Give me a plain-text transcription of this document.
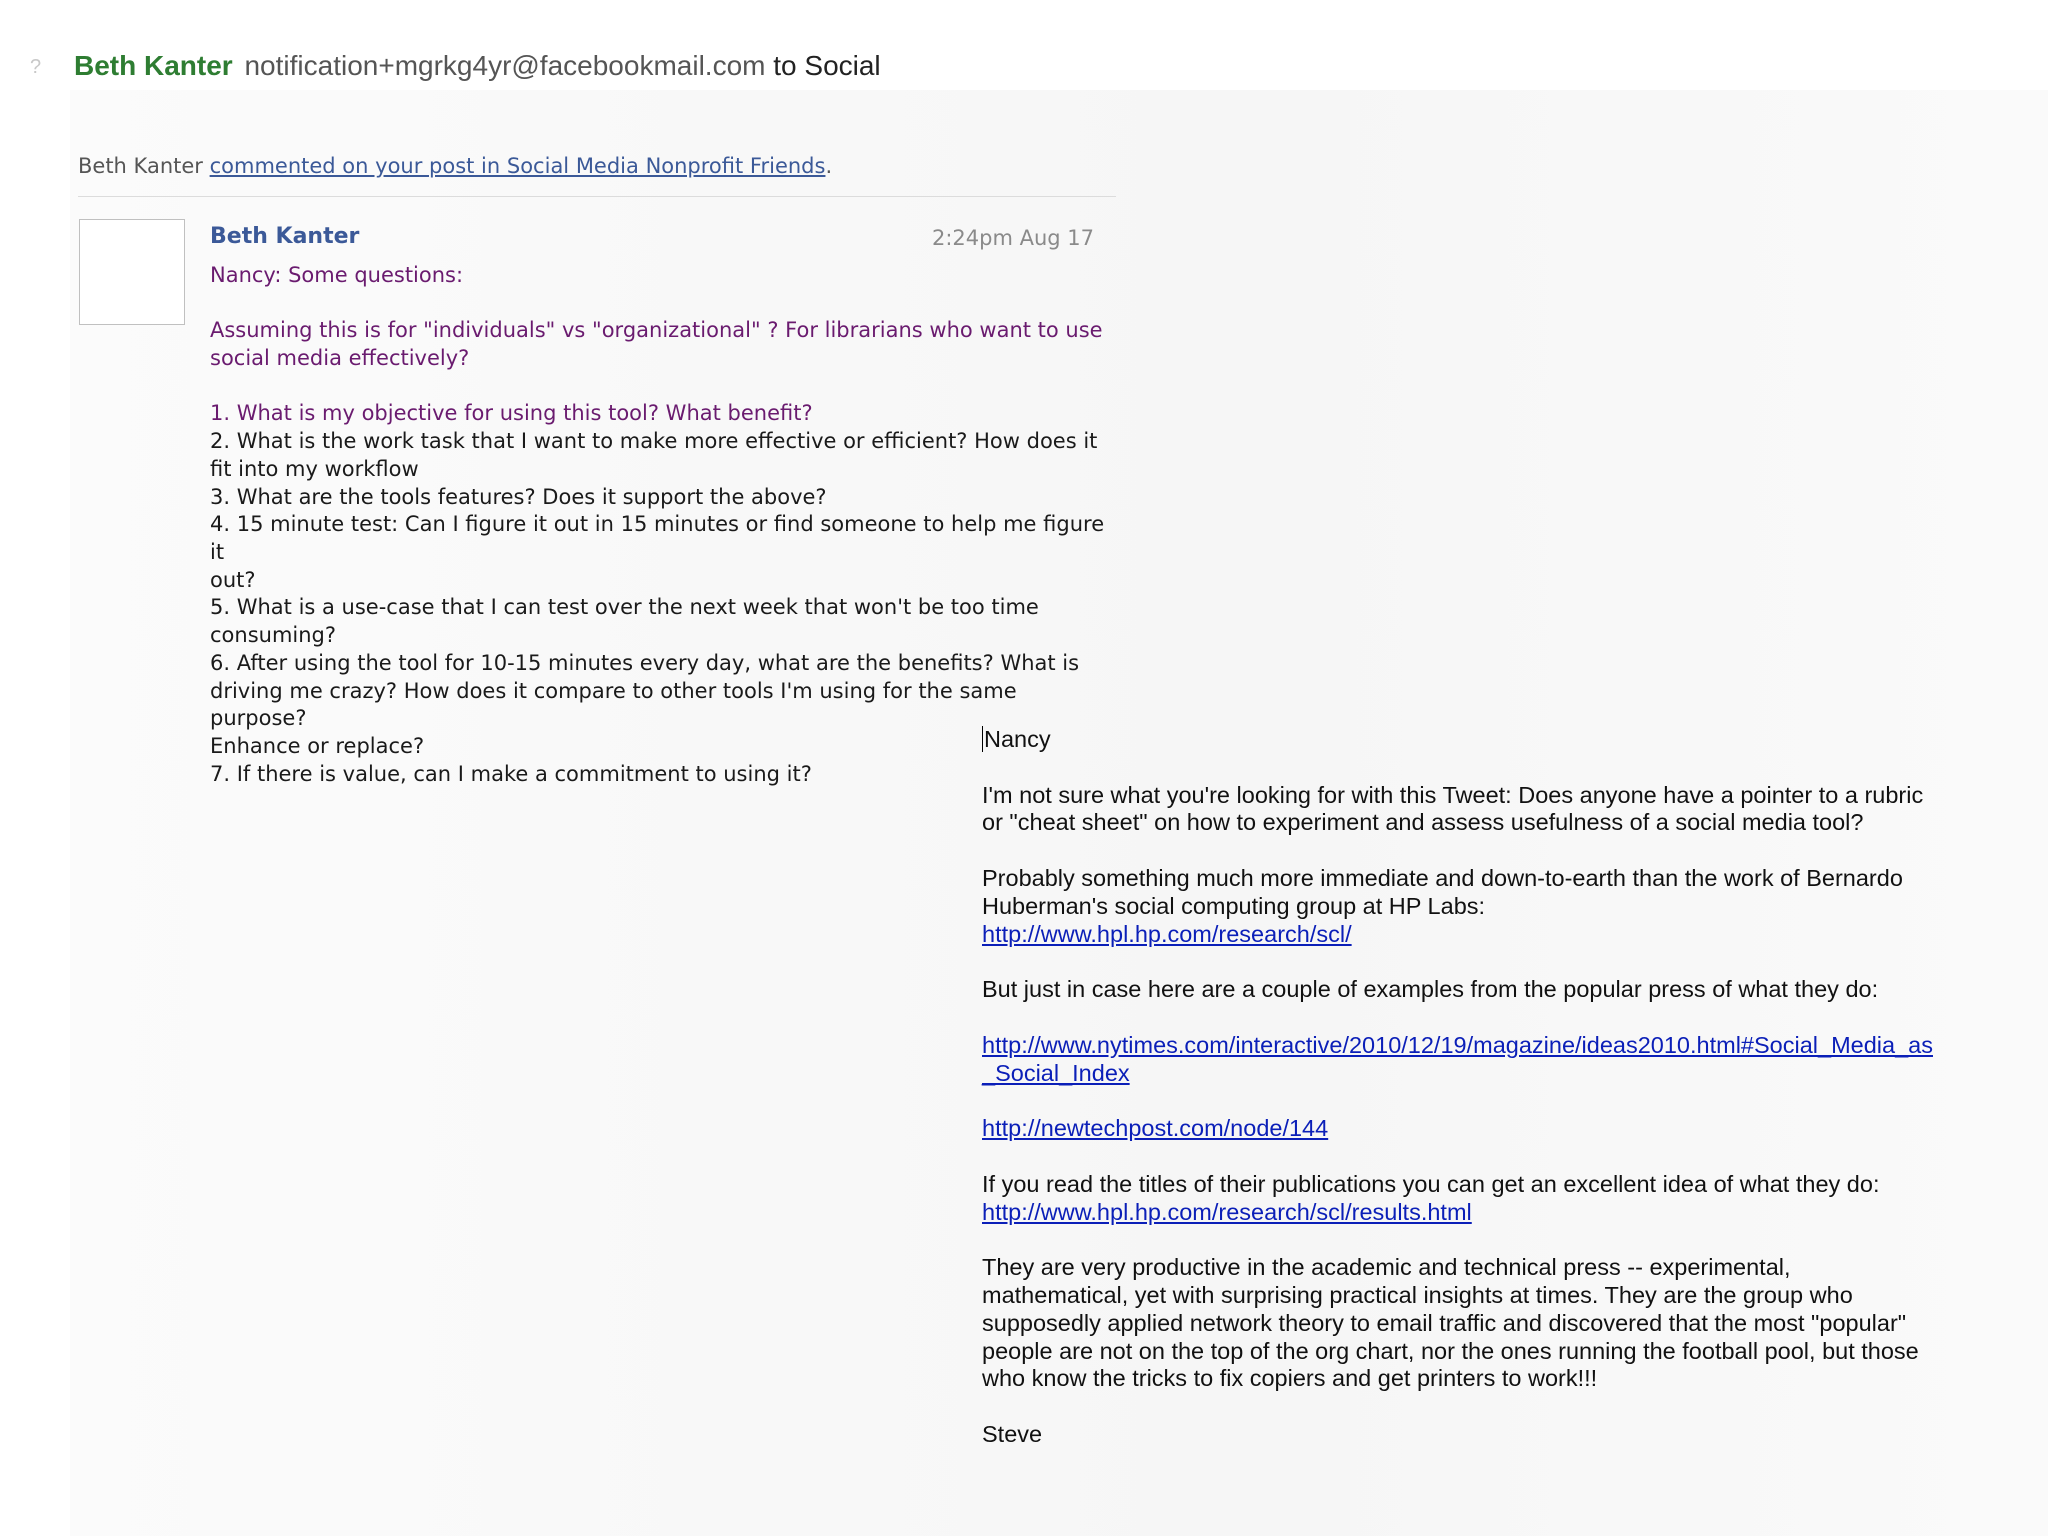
? Beth Kanter notification+mgrkg4yr@facebookmail.com to Social
Beth Kanter commented on your post in Social Media Nonprofit Friends.
Beth Kanter	2:24pm Aug 17

Nancy: Some questions:

Assuming this is for "individuals" vs "organizational" ? For librarians who want to use

social media effectively?

1. What is my objective for using this tool? What benefit?

2. What is the work task that I want to make more effective or efficient? How does it

fit into my workflow

3. What are the tools features? Does it support the above?

4. 15 minute test: Can I figure it out in 15 minutes or find someone to help me figure it

out?

5. What is a use-case that I can test over the next week that won't be too time

consuming?

6. After using the tool for 10-15 minutes every day, what are the benefits? What is

driving me crazy? How does it compare to other tools I'm using for the same purpose?

Enhance or replace?

7. If there is value, can I make a commitment to using it?

Nancy

I'm not sure what you're looking for with this Tweet: Does anyone have a pointer to a rubric or "cheat sheet" on how to experiment and assess usefulness of a social media tool?

Probably something much more immediate and down-to-earth than the work of Bernardo Huberman's social computing group at HP Labs:
http://www.hpl.hp.com/research/scl/

But just in case here are a couple of examples from the popular press of what they do:

http://www.nytimes.com/interactive/2010/12/19/magazine/ideas2010.html#Social_Media_as_Social_Index

http://newtechpost.com/node/144

If you read the titles of their publications you can get an excellent idea of what they do:
http://www.hpl.hp.com/research/scl/results.html

They are very productive in the academic and technical press -- experimental, mathematical, yet with surprising practical insights at times. They are the group who supposedly applied network theory to email traffic and discovered that the most "popular" people are not on the top of the org chart, nor the ones running the football pool, but those who know the tricks to fix copiers and get printers to work!!!

Steve
